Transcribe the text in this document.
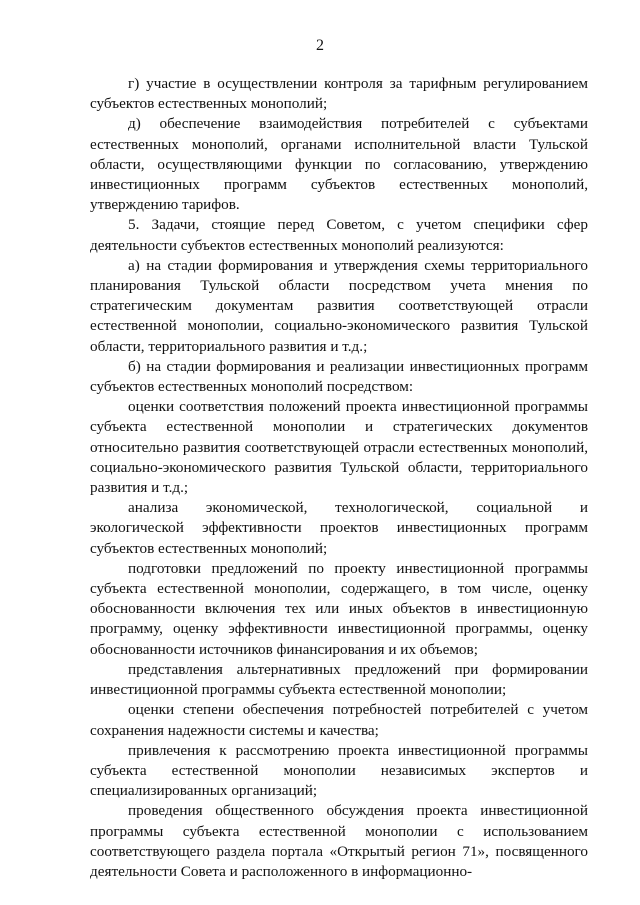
2

г) участие в осуществлении контроля за тарифным регулированием субъектов естественных монополий;

д) обеспечение взаимодействия потребителей с субъектами естественных монополий, органами исполнительной власти Тульской области, осуществляющими функции по согласованию, утверждению инвестиционных программ субъектов естественных монополий, утверждению тарифов.

5. Задачи, стоящие перед Советом, с учетом специфики сфер деятельности субъектов естественных монополий реализуются:

а) на стадии формирования и утверждения схемы территориального планирования Тульской области посредством учета мнения по стратегическим документам развития соответствующей отрасли естественной монополии, социально-экономического развития Тульской области, территориального развития и т.д.;

б) на стадии формирования и реализации инвестиционных программ субъектов естественных монополий посредством:

оценки соответствия положений проекта инвестиционной программы субъекта естественной монополии и стратегических документов относительно развития соответствующей отрасли естественных монополий, социально-экономического развития Тульской области, территориального развития и т.д.;

анализа экономической, технологической, социальной и экологической эффективности проектов инвестиционных программ субъектов естественных монополий;

подготовки предложений по проекту инвестиционной программы субъекта естественной монополии, содержащего, в том числе, оценку обоснованности включения тех или иных объектов в инвестиционную программу, оценку эффективности инвестиционной программы, оценку обоснованности источников финансирования и их объемов;

представления альтернативных предложений при формировании инвестиционной программы субъекта естественной монополии;

оценки степени обеспечения потребностей потребителей с учетом сохранения надежности системы и качества;

привлечения к рассмотрению проекта инвестиционной программы субъекта естественной монополии независимых экспертов и специализированных организаций;

проведения общественного обсуждения проекта инвестиционной программы субъекта естественной монополии с использованием соответствующего раздела портала «Открытый регион 71», посвященного деятельности Совета и расположенного в информационно-
